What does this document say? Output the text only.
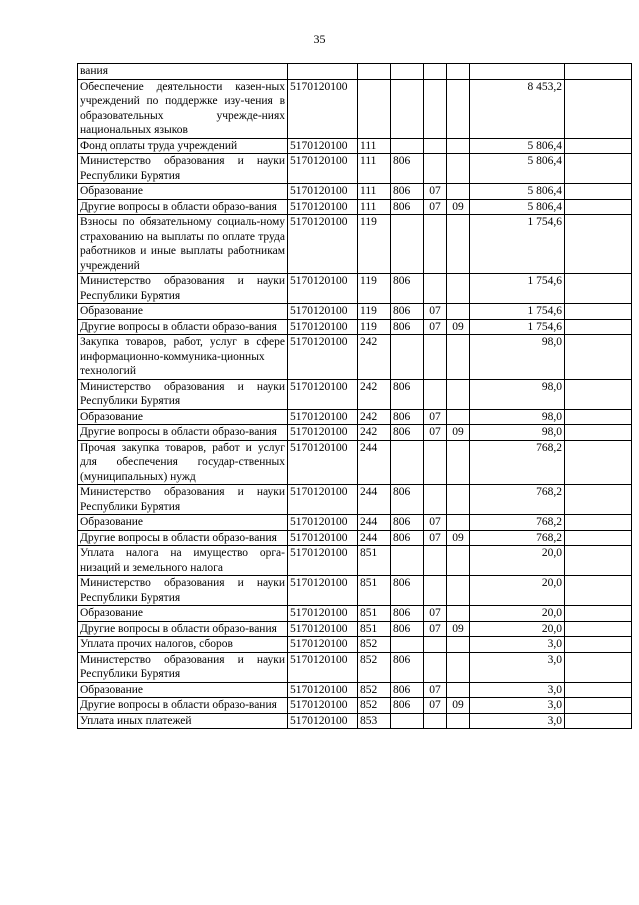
35
вания							
Обеспечение деятельности казен-ных учреждений по поддержке изу-чения в образовательных учрежде-ниях национальных языков	5170120100					8 453,2	
Фонд оплаты труда учреждений	5170120100	111				5 806,4	
Министерство образования и науки Республики Бурятия	5170120100	111	806			5 806,4	
Образование	5170120100	111	806	07		5 806,4	
Другие вопросы в области образо-вания	5170120100	111	806	07	09	5 806,4	
Взносы по обязательному социаль-ному страхованию на выплаты по оплате труда работников и иные выплаты работникам учреждений	5170120100	119				1 754,6	
Министерство образования и науки Республики Бурятия	5170120100	119	806			1 754,6	
Образование	5170120100	119	806	07		1 754,6	
Другие вопросы в области образо-вания	5170120100	119	806	07	09	1 754,6	
Закупка товаров, работ, услуг в сфере информационно-коммуника-ционных технологий	5170120100	242				98,0	
Министерство образования и науки Республики Бурятия	5170120100	242	806			98,0	
Образование	5170120100	242	806	07		98,0	
Другие вопросы в области образо-вания	5170120100	242	806	07	09	98,0	
Прочая закупка товаров, работ и услуг для обеспечения государ-ственных (муниципальных) нужд	5170120100	244				768,2	
Министерство образования и науки Республики Бурятия	5170120100	244	806			768,2	
Образование	5170120100	244	806	07		768,2	
Другие вопросы в области образо-вания	5170120100	244	806	07	09	768,2	
Уплата налога на имущество орга-низаций и земельного налога	5170120100	851				20,0	
Министерство образования и науки Республики Бурятия	5170120100	851	806			20,0	
Образование	5170120100	851	806	07		20,0	
Другие вопросы в области образо-вания	5170120100	851	806	07	09	20,0	
Уплата прочих налогов, сборов	5170120100	852				3,0	
Министерство образования и науки Республики Бурятия	5170120100	852	806			3,0	
Образование	5170120100	852	806	07		3,0	
Другие вопросы в области образо-вания	5170120100	852	806	07	09	3,0	
Уплата иных платежей	5170120100	853				3,0	
